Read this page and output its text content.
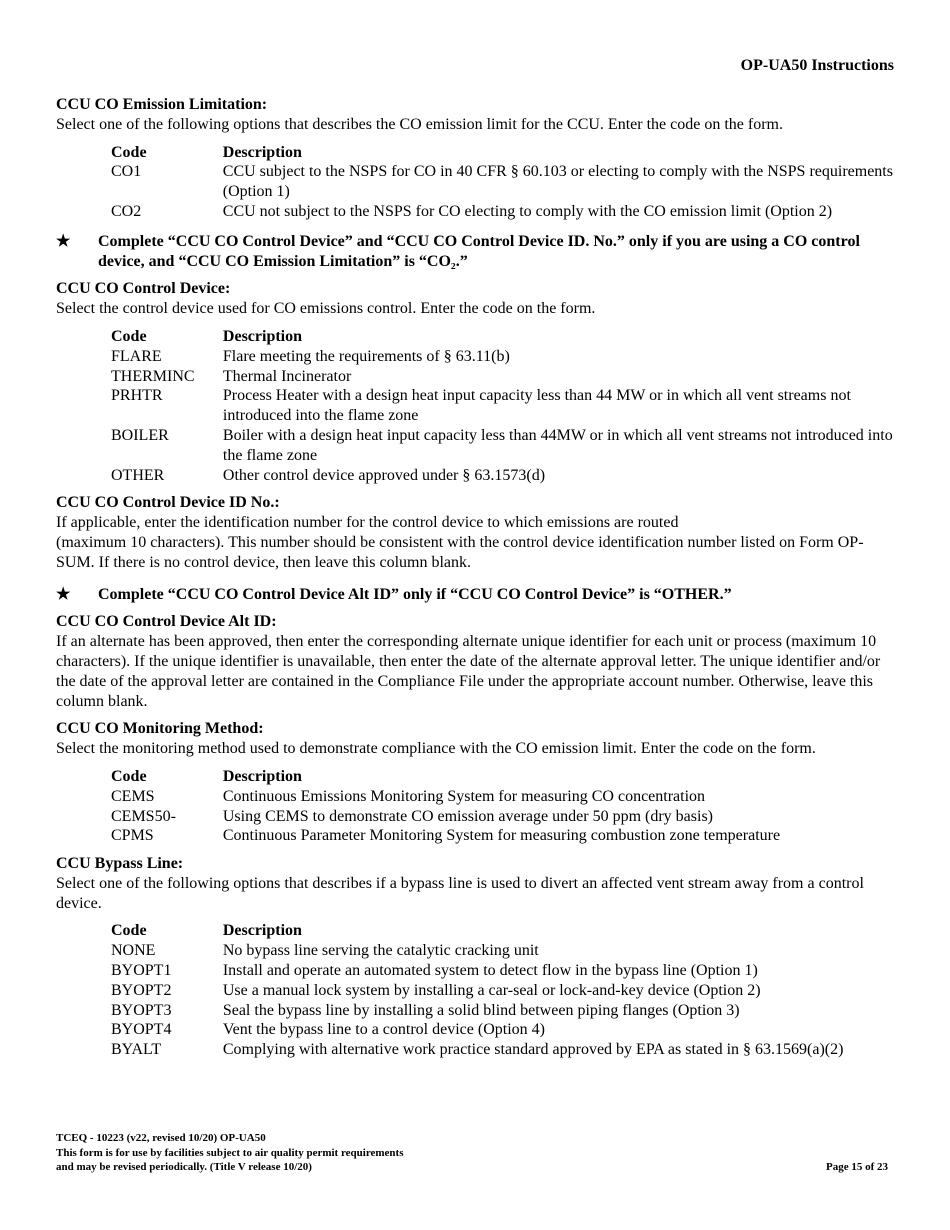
OP-UA50 Instructions
CCU CO Emission Limitation:

Select one of the following options that describes the CO emission limit for the CCU. Enter the code on the form.

Code	Description
CO1	CCU subject to the NSPS for CO in 40 CFR § 60.103 or electing to comply with the NSPS requirements (Option 1)
CO2	CCU not subject to the NSPS for CO electing to comply with the CO emission limit (Option 2)
★	Complete “CCU CO Control Device” and “CCU CO Control Device ID. No.” only if you are using a CO control device, and “CCU CO Emission Limitation” is “CO₂.”
CCU CO Control Device:

Select the control device used for CO emissions control. Enter the code on the form.

Code	Description
FLARE	Flare meeting the requirements of § 63.11(b)
THERMINC	Thermal Incinerator
PRHTR	Process Heater with a design heat input capacity less than 44 MW or in which all vent streams not introduced into the flame zone
BOILER	Boiler with a design heat input capacity less than 44MW or in which all vent streams not introduced into the flame zone
OTHER	Other control device approved under § 63.1573(d)
CCU CO Control Device ID No.:
If applicable, enter the identification number for the control device to which emissions are routed
(maximum 10 characters). This number should be consistent with the control device identification number listed on Form OP-SUM. If there is no control device, then leave this column blank.
★	Complete “CCU CO Control Device Alt ID” only if “CCU CO Control Device” is “OTHER.”
CCU CO Control Device Alt ID:

If an alternate has been approved, then enter the corresponding alternate unique identifier for each unit or process (maximum 10 characters). If the unique identifier is unavailable, then enter the date of the alternate approval letter. The unique identifier and/or the date of the approval letter are contained in the Compliance File under the appropriate account number. Otherwise, leave this column blank.

CCU CO Monitoring Method:

Select the monitoring method used to demonstrate compliance with the CO emission limit. Enter the code on the form.

Code	Description
CEMS	Continuous Emissions Monitoring System for measuring CO concentration
CEMS50-	Using CEMS to demonstrate CO emission average under 50 ppm (dry basis)
CPMS	Continuous Parameter Monitoring System for measuring combustion zone temperature
CCU Bypass Line:

Select one of the following options that describes if a bypass line is used to divert an affected vent stream away from a control device.

Code	Description
NONE	No bypass line serving the catalytic cracking unit
BYOPT1	Install and operate an automated system to detect flow in the bypass line (Option 1)
BYOPT2	Use a manual lock system by installing a car-seal or lock-and-key device (Option 2)
BYOPT3	Seal the bypass line by installing a solid blind between piping flanges (Option 3)
BYOPT4	Vent the bypass line to a control device (Option 4)
BYALT	Complying with alternative work practice standard approved by EPA as stated in § 63.1569(a)(2)
TCEQ - 10223 (v22, revised 10/20) OP-UA50
This form is for use by facilities subject to air quality permit requirements
and may be revised periodically. (Title V release 10/20)	Page 15 of 23
